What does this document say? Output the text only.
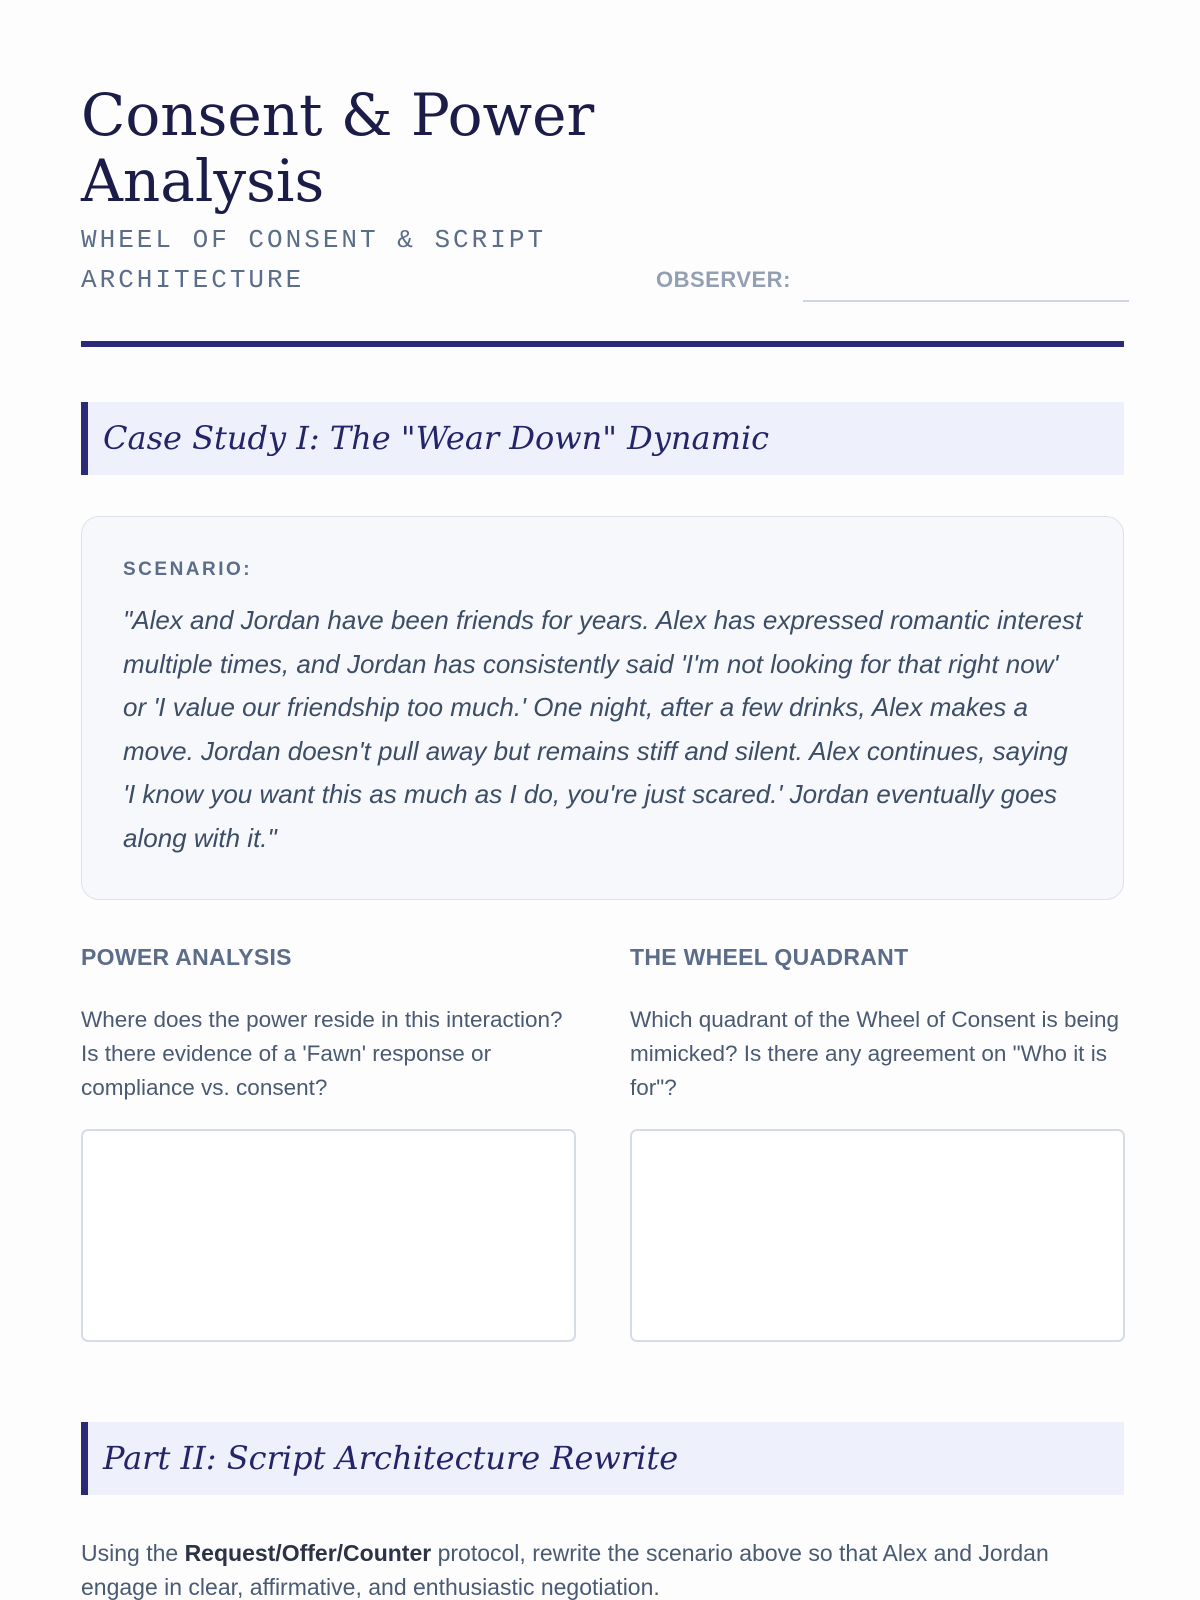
Consent & Power Analysis
WHEEL OF CONSENT & SCRIPT ARCHITECTURE	OBSERVER:
Case Study I: The "Wear Down" Dynamic
SCENARIO:
"Alex and Jordan have been friends for years. Alex has expressed romantic interest multiple times, and Jordan has consistently said 'I'm not looking for that right now' or 'I value our friendship too much.' One night, after a few drinks, Alex makes a move. Jordan doesn't pull away but remains stiff and silent. Alex continues, saying 'I know you want this as much as I do, you're just scared.' Jordan eventually goes along with it."
POWER ANALYSIS
Where does the power reside in this interaction? Is there evidence of a 'Fawn' response or compliance vs. consent?
THE WHEEL QUADRANT
Which quadrant of the Wheel of Consent is being mimicked? Is there any agreement on "Who it is for"?
Part II: Script Architecture Rewrite
Using the Request/Offer/Counter protocol, rewrite the scenario above so that Alex and Jordan engage in clear, affirmative, and enthusiastic negotiation.
